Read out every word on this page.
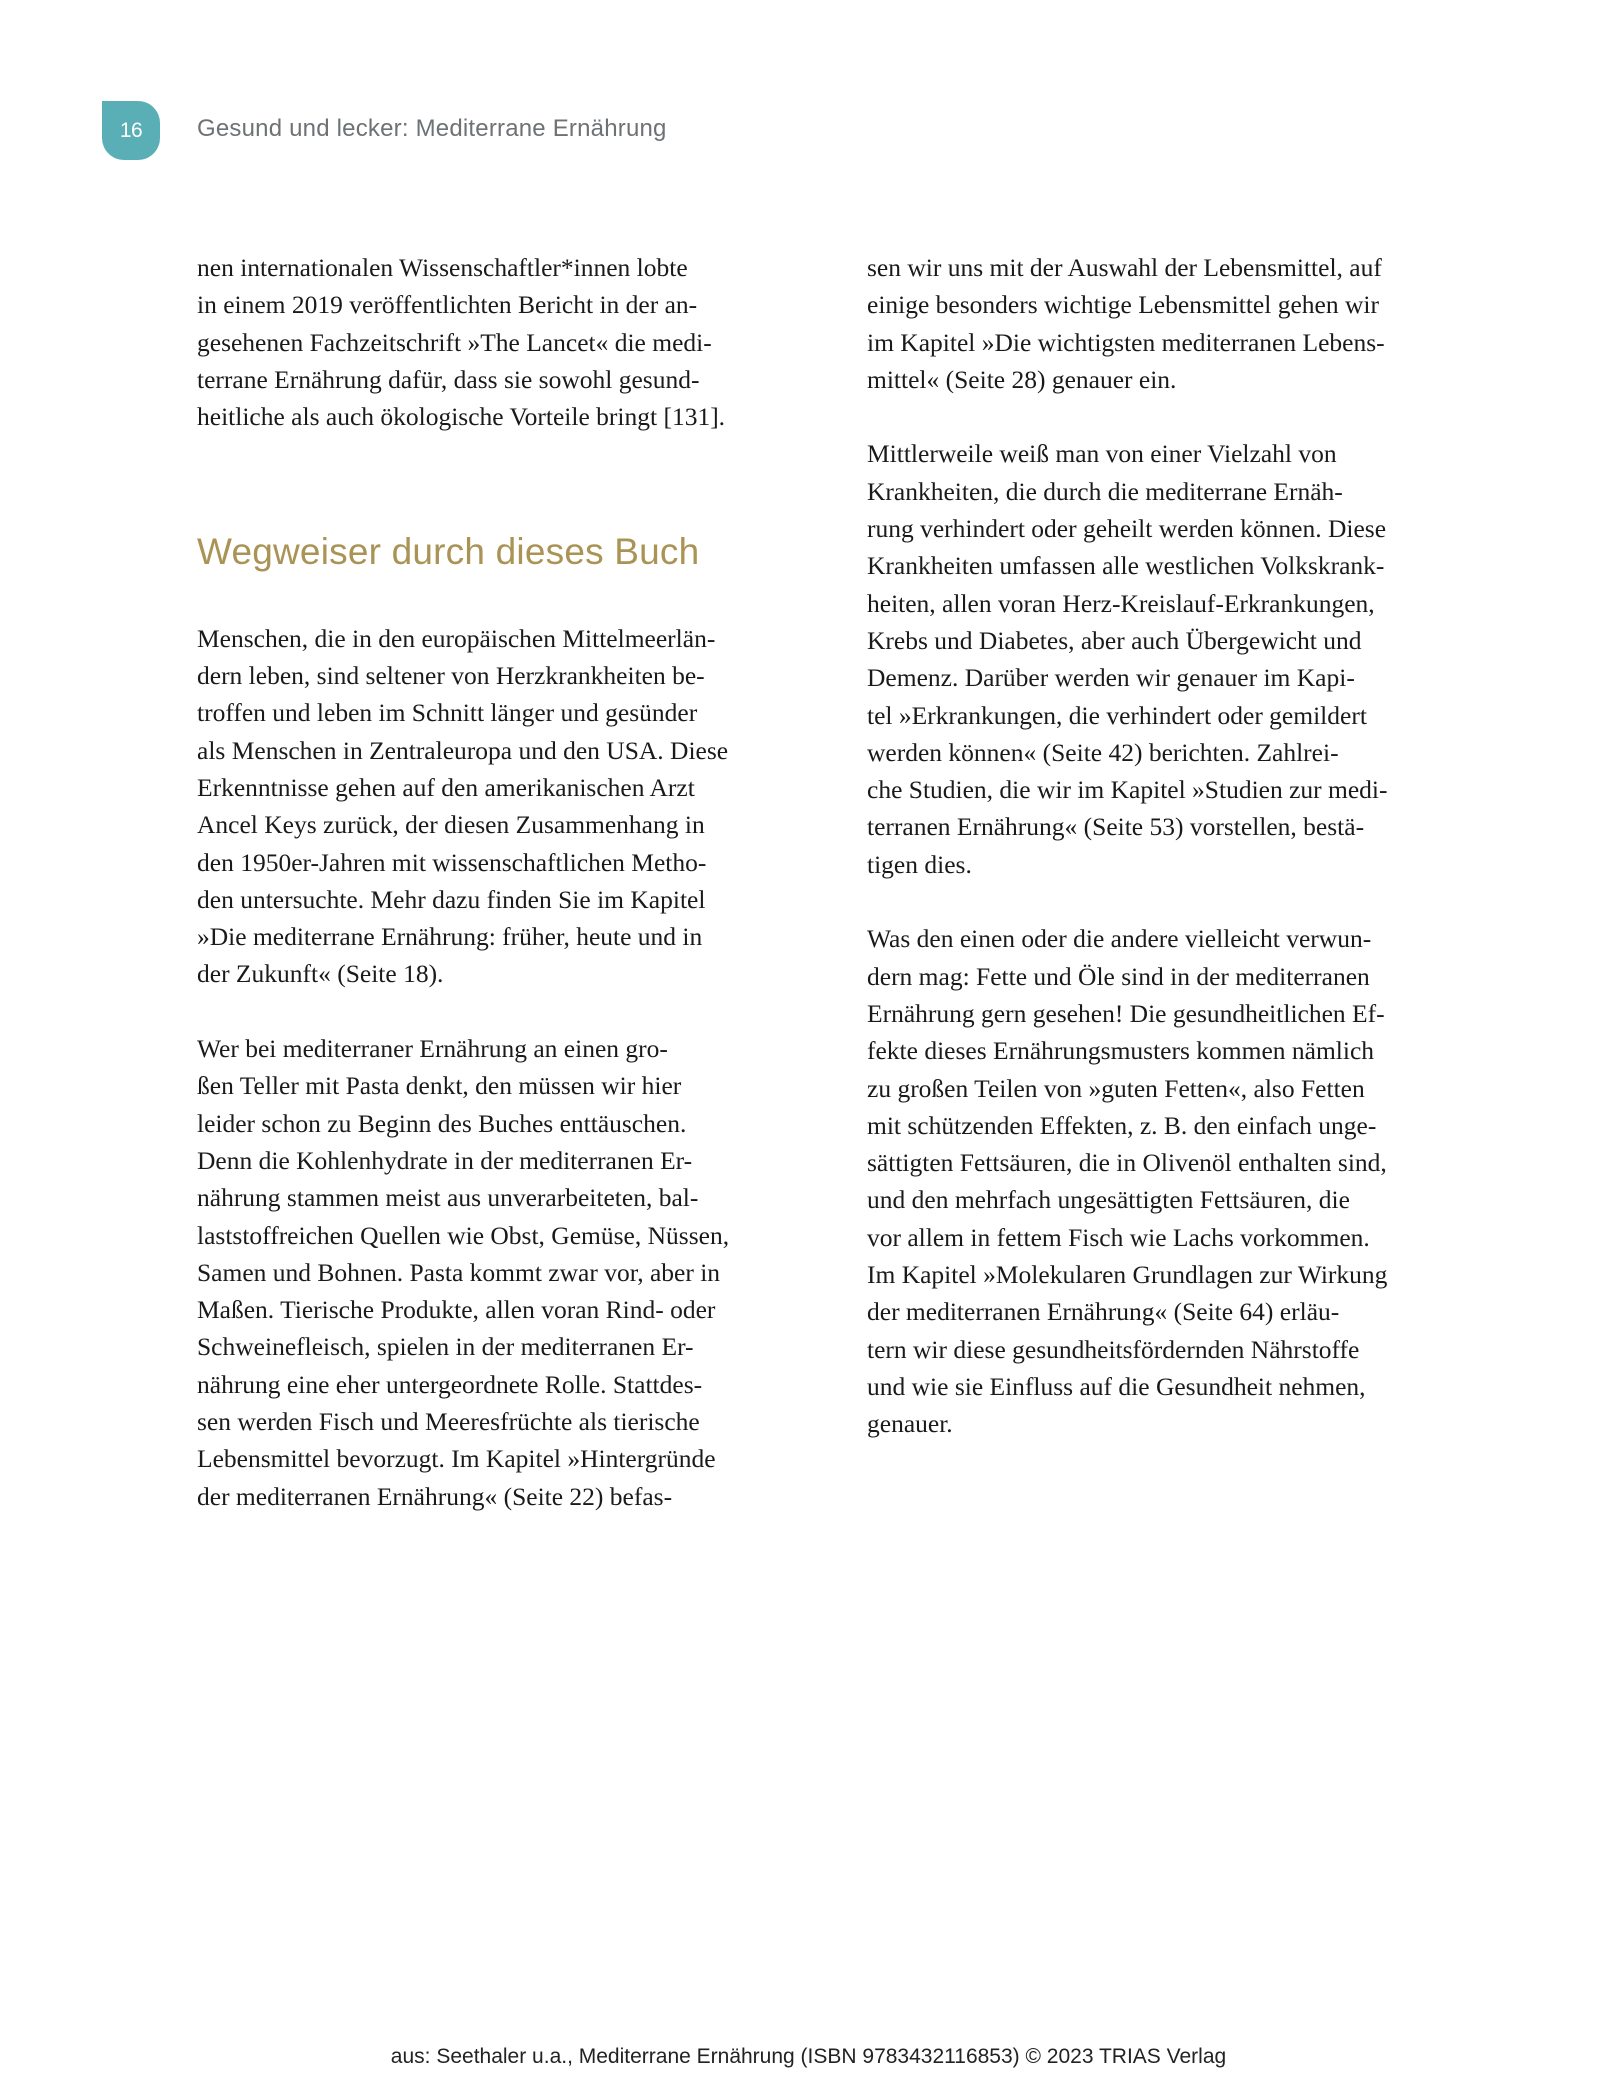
16 Gesund und lecker: Mediterrane Ernährung

nen internationalen Wissenschaftler*innen lobte
in einem 2019 veröffentlichten Bericht in der an-
gesehenen Fachzeitschrift »The Lancet« die medi-
terrane Ernährung dafür, dass sie sowohl gesund-
heitliche als auch ökologische Vorteile bringt [131].

Wegweiser durch dieses Buch

Menschen, die in den europäischen Mittelmeerlän-
dern leben, sind seltener von Herzkrankheiten be-
troffen und leben im Schnitt länger und gesünder
als Menschen in Zentraleuropa und den USA. Diese
Erkenntnisse gehen auf den amerikanischen Arzt
Ancel Keys zurück, der diesen Zusammenhang in
den 1950er-Jahren mit wissenschaftlichen Metho-
den untersuchte. Mehr dazu finden Sie im Kapitel
»Die mediterrane Ernährung: früher, heute und in
der Zukunft« (Seite 18).

Wer bei mediterraner Ernährung an einen gro-
ßen Teller mit Pasta denkt, den müssen wir hier
leider schon zu Beginn des Buches enttäuschen.
Denn die Kohlenhydrate in der mediterranen Er-
nährung stammen meist aus unverarbeiteten, bal-
laststoffreichen Quellen wie Obst, Gemüse, Nüssen,
Samen und Bohnen. Pasta kommt zwar vor, aber in
Maßen. Tierische Produkte, allen voran Rind- oder
Schweinefleisch, spielen in der mediterranen Er-
nährung eine eher untergeordnete Rolle. Stattdes-
sen werden Fisch und Meeresfrüchte als tierische
Lebensmittel bevorzugt. Im Kapitel »Hintergründe
der mediterranen Ernährung« (Seite 22) befas-

sen wir uns mit der Auswahl der Lebensmittel, auf
einige besonders wichtige Lebensmittel gehen wir
im Kapitel »Die wichtigsten mediterranen Lebens-
mittel« (Seite 28) genauer ein.

Mittlerweile weiß man von einer Vielzahl von
Krankheiten, die durch die mediterrane Ernäh-
rung verhindert oder geheilt werden können. Diese
Krankheiten umfassen alle westlichen Volkskrank-
heiten, allen voran Herz-Kreislauf-Erkrankungen,
Krebs und Diabetes, aber auch Übergewicht und
Demenz. Darüber werden wir genauer im Kapi-
tel »Erkrankungen, die verhindert oder gemildert
werden können« (Seite 42) berichten. Zahlrei-
che Studien, die wir im Kapitel »Studien zur medi-
terranen Ernährung« (Seite 53) vorstellen, bestä-
tigen dies.

Was den einen oder die andere vielleicht verwun-
dern mag: Fette und Öle sind in der mediterranen
Ernährung gern gesehen! Die gesundheitlichen Ef-
fekte dieses Ernährungsmusters kommen nämlich
zu großen Teilen von »guten Fetten«, also Fetten
mit schützenden Effekten, z. B. den einfach unge-
sättigten Fettsäuren, die in Olivenöl enthalten sind,
und den mehrfach ungesättigten Fettsäuren, die
vor allem in fettem Fisch wie Lachs vorkommen.
Im Kapitel »Molekularen Grundlagen zur Wirkung
der mediterranen Ernährung« (Seite 64) erläu-
tern wir diese gesundheitsfördernden Nährstoffe
und wie sie Einfluss auf die Gesundheit nehmen,
genauer.

aus: Seethaler u.a., Mediterrane Ernährung (ISBN 9783432116853) © 2023 TRIAS Verlag
